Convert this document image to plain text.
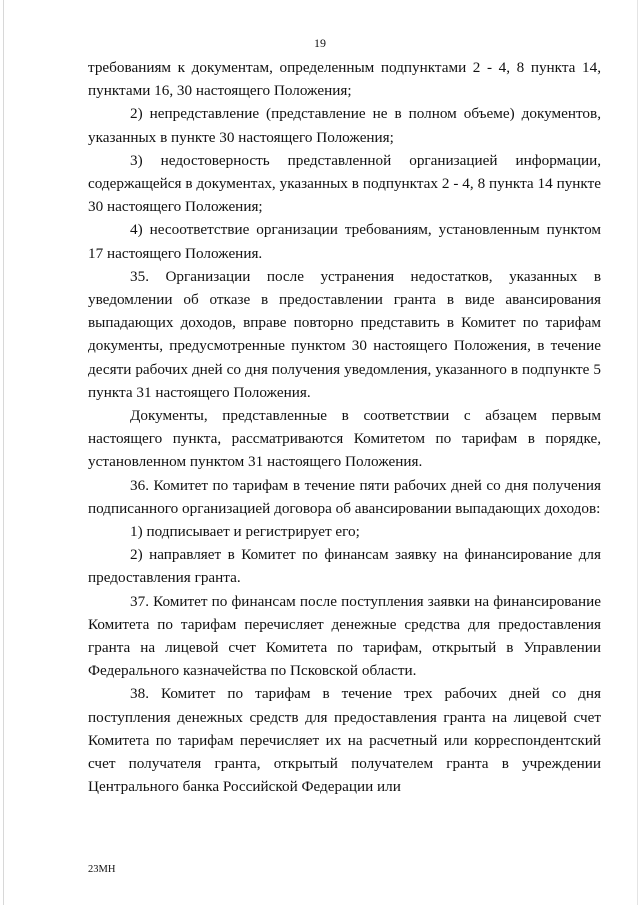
19

требованиям к документам, определенным подпунктами 2 - 4, 8 пункта 14, пунктами 16, 30 настоящего Положения;

2) непредставление (представление не в полном объеме) документов, указанных в пункте 30 настоящего Положения;

3) недостоверность представленной организацией информации, содержащейся в документах, указанных в подпунктах 2 - 4, 8 пункта 14 пункте 30 настоящего Положения;

4) несоответствие организации требованиям, установленным пунктом 17 настоящего Положения.

35. Организации после устранения недостатков, указанных в уведомлении об отказе в предоставлении гранта в виде авансирования выпадающих доходов, вправе повторно представить в Комитет по тарифам документы, предусмотренные пунктом 30 настоящего Положения, в течение десяти рабочих дней со дня получения уведомления, указанного в подпункте 5 пункта 31 настоящего Положения.

Документы, представленные в соответствии с абзацем первым настоящего пункта, рассматриваются Комитетом по тарифам в порядке, установленном пунктом 31 настоящего Положения.

36. Комитет по тарифам в течение пяти рабочих дней со дня получения подписанного организацией договора об авансировании выпадающих доходов:

1) подписывает и регистрирует его;

2) направляет в Комитет по финансам заявку на финансирование для предоставления гранта.

37. Комитет по финансам после поступления заявки на финансирование Комитета по тарифам перечисляет денежные средства для предоставления гранта на лицевой счет Комитета по тарифам, открытый в Управлении Федерального казначейства по Псковской области.

38. Комитет по тарифам в течение трех рабочих дней со дня поступления денежных средств для предоставления гранта на лицевой счет Комитета по тарифам перечисляет их на расчетный или корреспондентский счет получателя гранта, открытый получателем гранта в учреждении Центрального банка Российской Федерации или

23МН
